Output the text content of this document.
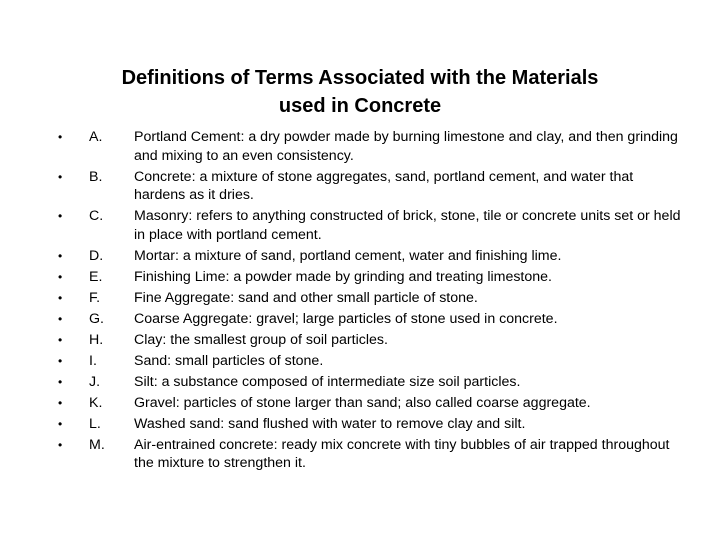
Definitions of Terms Associated with the Materials
used in Concrete
•	A.	Portland Cement: a dry powder made by burning limestone and clay, and then grinding and mixing to an even consistency.
•	B.	Concrete: a mixture of stone aggregates, sand, portland cement, and water that hardens as it dries.
•	C.	Masonry: refers to anything constructed of brick, stone, tile or concrete units set or held in place with portland cement.
•	D.	Mortar: a mixture of sand, portland cement, water and finishing lime.
•	E.	Finishing Lime: a powder made by grinding and treating limestone.
•	F.	Fine Aggregate: sand and other small particle of stone.
•	G.	Coarse Aggregate: gravel; large particles of stone used in concrete.
•	H.	Clay: the smallest group of soil particles.
•	I.	Sand: small particles of stone.
•	J.	Silt: a substance composed of intermediate size soil particles.
•	K.	Gravel: particles of stone larger than sand; also called coarse aggregate.
•	L.	Washed sand: sand flushed with water to remove clay and silt.
•	M.	Air-entrained concrete: ready mix concrete with tiny bubbles of air trapped throughout the mixture to strengthen it.
